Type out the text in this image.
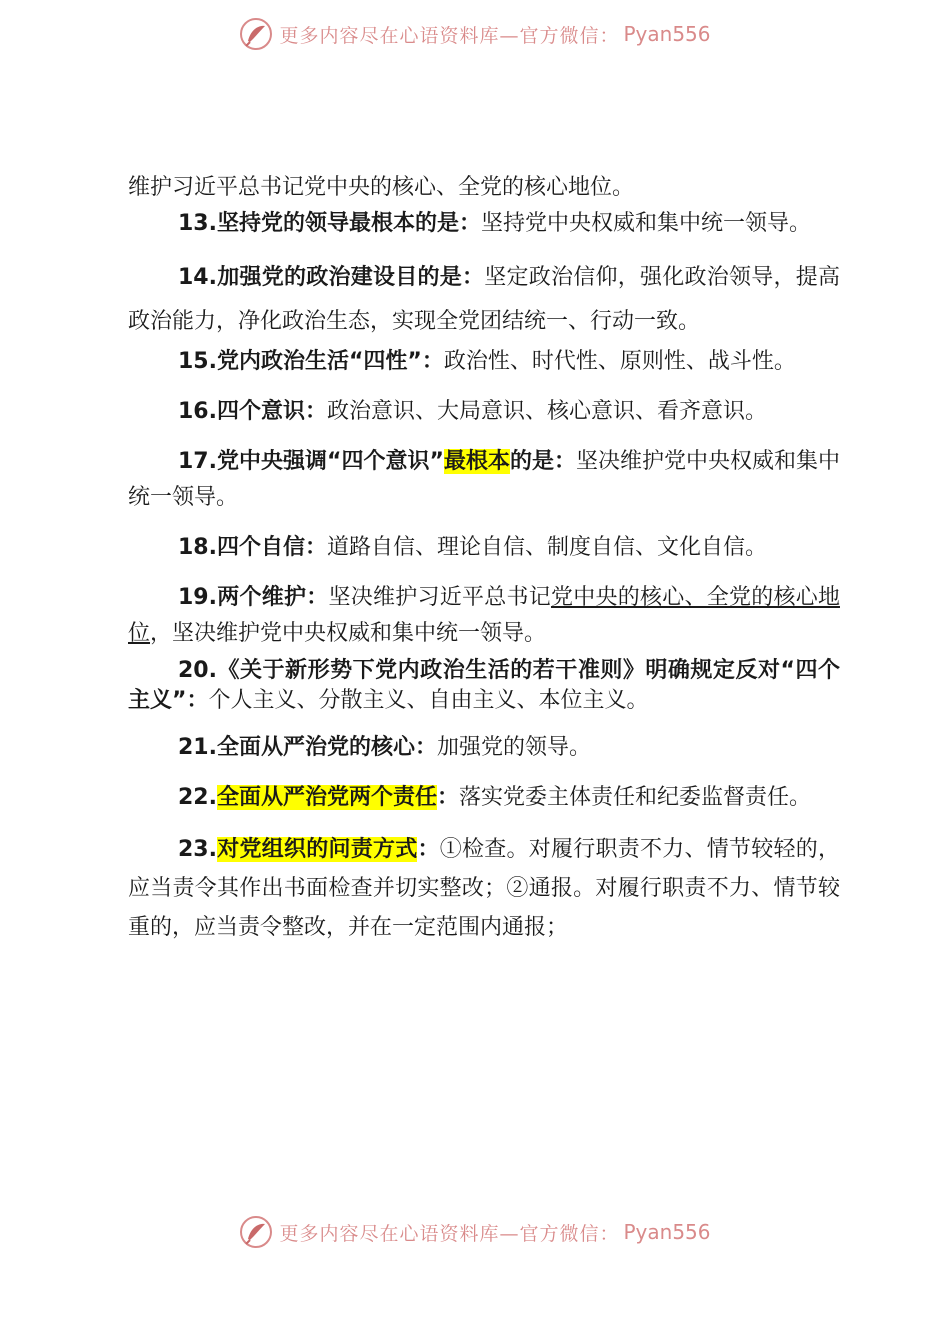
更多内容尽在心语资料库—官方微信： Pyan556

维护习近平总书记党中央的核心、全党的核心地位。

13.坚持党的领导最根本的是：坚持党中央权威和集中统一领导。

14.加强党的政治建设目的是：坚定政治信仰，强化政治领导，提高政治能力，净化政治生态，实现全党团结统一、行动一致。

15.党内政治生活“四性”：政治性、时代性、原则性、战斗性。

16.四个意识：政治意识、大局意识、核心意识、看齐意识。

17.党中央强调“四个意识”最根本的是：坚决维护党中央权威和集中统一领导。

18.四个自信：道路自信、理论自信、制度自信、文化自信。

19.两个维护：坚决维护习近平总书记党中央的核心、全党的核心地位，坚决维护党中央权威和集中统一领导。

20.《关于新形势下党内政治生活的若干准则》明确规定反对“四个主义”：个人主义、分散主义、自由主义、本位主义。

21.全面从严治党的核心：加强党的领导。

22.全面从严治党两个责任：落实党委主体责任和纪委监督责任。

23.对党组织的问责方式：①检查。对履行职责不力、情节较轻的，应当责令其作出书面检查并切实整改；②通报。对履行职责不力、情节较重的，应当责令整改，并在一定范围内通报；

更多内容尽在心语资料库—官方微信： Pyan556
